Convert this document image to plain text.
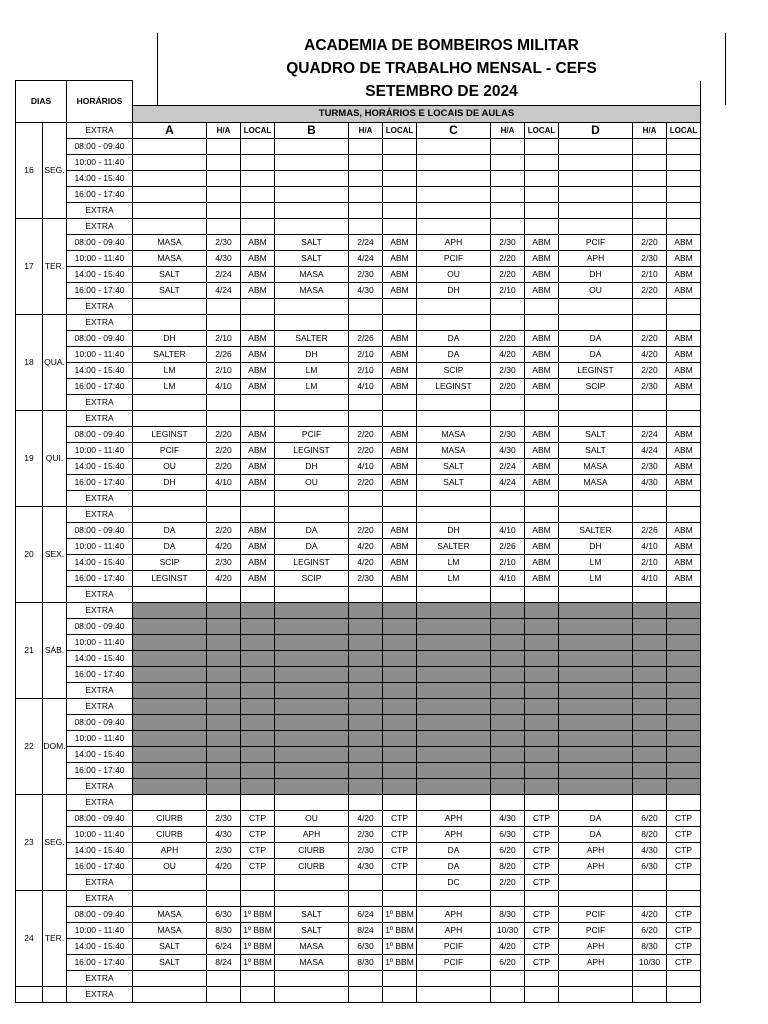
ACADEMIA DE BOMBEIROS MILITAR
QUADRO DE TRABALHO MENSAL - CEFS
SETEMBRO DE 2024
DIAS		HORÁRIOS												
			TURMAS, HORÁRIOS E LOCAIS DE AULAS											
16	SEG.	EXTRA	A	H/A	LOCAL	B	H/A	LOCAL	C	H/A	LOCAL	D	H/A	LOCAL
		08:00 - 09:40												
		10:00 - 11:40												
		14:00 - 15:40												
		16:00 - 17:40												
		EXTRA												
17	TER.	EXTRA												
		08:00 - 09:40	MASA	2/30	ABM	SALT	2/24	ABM	APH	2/30	ABM	PCIF	2/20	ABM
		10:00 - 11:40	MASA	4/30	ABM	SALT	4/24	ABM	PCIF	2/20	ABM	APH	2/30	ABM
		14:00 - 15:40	SALT	2/24	ABM	MASA	2/30	ABM	OU	2/20	ABM	DH	2/10	ABM
		16:00 - 17:40	SALT	4/24	ABM	MASA	4/30	ABM	DH	2/10	ABM	OU	2/20	ABM
		EXTRA												
18	QUA.	EXTRA												
		08:00 - 09:40	DH	2/10	ABM	SALTER	2/26	ABM	DA	2/20	ABM	DA	2/20	ABM
		10:00 - 11:40	SALTER	2/26	ABM	DH	2/10	ABM	DA	4/20	ABM	DA	4/20	ABM
		14:00 - 15:40	LM	2/10	ABM	LM	2/10	ABM	SCIP	2/30	ABM	LEGINST	2/20	ABM
		16:00 - 17:40	LM	4/10	ABM	LM	4/10	ABM	LEGINST	2/20	ABM	SCIP	2/30	ABM
		EXTRA												
19	QUI.	EXTRA												
		08:00 - 09:40	LEGINST	2/20	ABM	PCIF	2/20	ABM	MASA	2/30	ABM	SALT	2/24	ABM
		10:00 - 11:40	PCIF	2/20	ABM	LEGINST	2/20	ABM	MASA	4/30	ABM	SALT	4/24	ABM
		14:00 - 15:40	OU	2/20	ABM	DH	4/10	ABM	SALT	2/24	ABM	MASA	2/30	ABM
		16:00 - 17:40	DH	4/10	ABM	OU	2/20	ABM	SALT	4/24	ABM	MASA	4/30	ABM
		EXTRA												
20	SEX.	EXTRA												
		08:00 - 09:40	DA	2/20	ABM	DA	2/20	ABM	DH	4/10	ABM	SALTER	2/26	ABM
		10:00 - 11:40	DA	4/20	ABM	DA	4/20	ABM	SALTER	2/26	ABM	DH	4/10	ABM
		14:00 - 15:40	SCIP	2/30	ABM	LEGINST	4/20	ABM	LM	2/10	ABM	LM	2/10	ABM
		16:00 - 17:40	LEGINST	4/20	ABM	SCIP	2/30	ABM	LM	4/10	ABM	LM	4/10	ABM
		EXTRA												
21	SÁB.	EXTRA												
		08:00 - 09:40												
		10:00 - 11:40												
		14:00 - 15:40												
		16:00 - 17:40												
		EXTRA												
22	DOM.	EXTRA												
		08:00 - 09:40												
		10:00 - 11:40												
		14:00 - 15:40												
		16:00 - 17:40												
		EXTRA												
23	SEG.	EXTRA												
		08:00 - 09:40	CIURB	2/30	CTP	OU	4/20	CTP	APH	4/30	CTP	DA	6/20	CTP
		10:00 - 11:40	CIURB	4/30	CTP	APH	2/30	CTP	APH	6/30	CTP	DA	8/20	CTP
		14:00 - 15:40	APH	2/30	CTP	CIURB	2/30	CTP	DA	6/20	CTP	APH	4/30	CTP
		16:00 - 17:40	OU	4/20	CTP	CIURB	4/30	CTP	DA	8/20	CTP	APH	6/30	CTP
		EXTRA							DC	2/20	CTP			
24	TER.	EXTRA												
		08:00 - 09:40	MASA	6/30	1º BBM	SALT	6/24	1º BBM	APH	8/30	CTP	PCIF	4/20	CTP
		10:00 - 11:40	MASA	8/30	1º BBM	SALT	8/24	1º BBM	APH	10/30	CTP	PCIF	6/20	CTP
		14:00 - 15:40	SALT	6/24	1º BBM	MASA	6/30	1º BBM	PCIF	4/20	CTP	APH	8/30	CTP
		16:00 - 17:40	SALT	8/24	1º BBM	MASA	8/30	1º BBM	PCIF	6/20	CTP	APH	10/30	CTP
		EXTRA												
		EXTRA												
